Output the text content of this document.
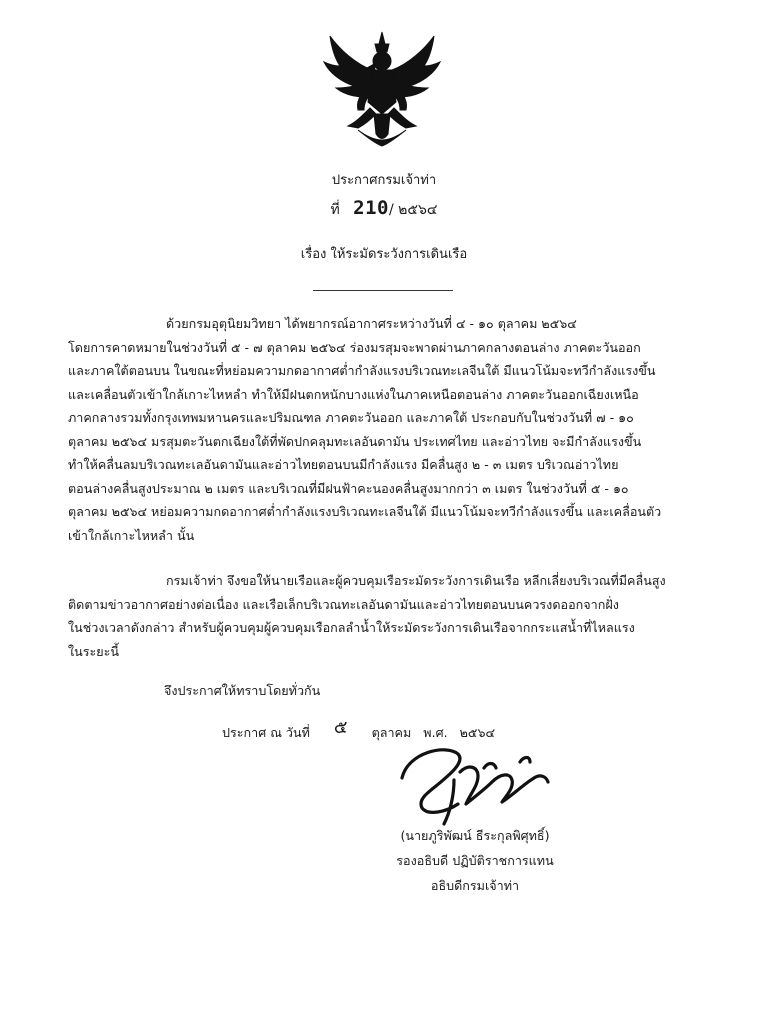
ประกาศกรมเจ้าท่า
ที่ 210/ ๒๕๖๔
เรื่อง ให้ระมัดระวังการเดินเรือ

ด้วยกรมอุตุนิยมวิทยา ได้พยากรณ์อากาศระหว่างวันที่ ๔ - ๑๐ ตุลาคม ๒๕๖๔
โดยการคาดหมายในช่วงวันที่ ๕ - ๗ ตุลาคม ๒๕๖๔ ร่องมรสุมจะพาดผ่านภาคกลางตอนล่าง ภาคตะวันออก
และภาคใต้ตอนบน ในขณะที่หย่อมความกดอากาศต่ำกำลังแรงบริเวณทะเลจีนใต้ มีแนวโน้มจะทวีกำลังแรงขึ้น
และเคลื่อนตัวเข้าใกล้เกาะไหหลำ ทำให้มีฝนตกหนักบางแห่งในภาคเหนือตอนล่าง ภาคตะวันออกเฉียงเหนือ
ภาคกลางรวมทั้งกรุงเทพมหานครและปริมณฑล ภาคตะวันออก และภาคใต้ ประกอบกับในช่วงวันที่ ๗ - ๑๐
ตุลาคม ๒๕๖๔ มรสุมตะวันตกเฉียงใต้ที่พัดปกคลุมทะเลอันดามัน ประเทศไทย และอ่าวไทย จะมีกำลังแรงขึ้น
ทำให้คลื่นลมบริเวณทะเลอันดามันและอ่าวไทยตอนบนมีกำลังแรง มีคลื่นสูง ๒ - ๓ เมตร บริเวณอ่าวไทย
ตอนล่างคลื่นสูงประมาณ ๒ เมตร และบริเวณที่มีฝนฟ้าคะนองคลื่นสูงมากกว่า ๓ เมตร ในช่วงวันที่ ๕ - ๑๐
ตุลาคม ๒๕๖๔ หย่อมความกดอากาศต่ำกำลังแรงบริเวณทะเลจีนใต้ มีแนวโน้มจะทวีกำลังแรงขึ้น และเคลื่อนตัว
เข้าใกล้เกาะไหหลำ นั้น

กรมเจ้าท่า จึงขอให้นายเรือและผู้ควบคุมเรือระมัดระวังการเดินเรือ หลีกเลี่ยงบริเวณที่มีคลื่นสูง
ติดตามข่าวอากาศอย่างต่อเนื่อง และเรือเล็กบริเวณทะเลอันดามันและอ่าวไทยตอนบนควรงดออกจากฝั่ง
ในช่วงเวลาดังกล่าว สำหรับผู้ควบคุมผู้ควบคุมเรือกลลำน้ำให้ระมัดระวังการเดินเรือจากกระแสน้ำที่ไหลแรง
ในระยะนี้

จึงประกาศให้ทราบโดยทั่วกัน
ประกาศ ณ วันที่ ๕ ตุลาคม พ.ศ. ๒๕๖๔
(นายภูริพัฒน์ ธีระกุลพิศุทธิ์)
รองอธิบดี ปฏิบัติราชการแทน
อธิบดีกรมเจ้าท่า
